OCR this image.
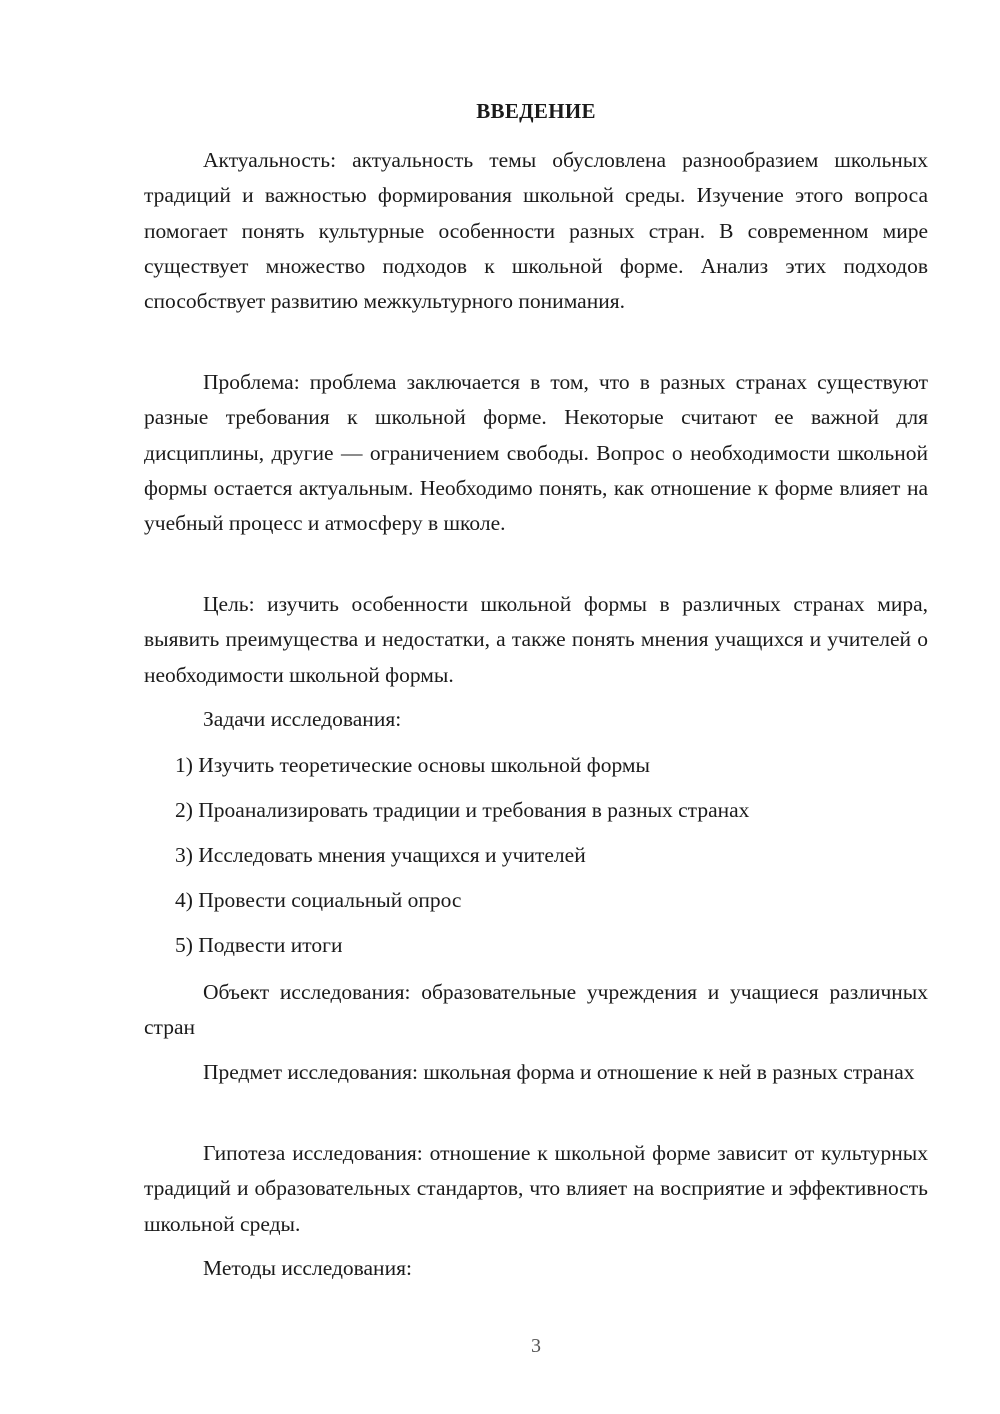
ВВЕДЕНИЕ

Актуальность: актуальность темы обусловлена разнообразием школьных традиций и важностью формирования школьной среды. Изучение этого вопроса помогает понять культурные особенности разных стран. В современном мире существует множество подходов к школьной форме. Анализ этих подходов способствует развитию межкультурного понимания.

Проблема: проблема заключается в том, что в разных странах существуют разные требования к школьной форме. Некоторые считают ее важной для дисциплины, другие — ограничением свободы. Вопрос о необходимости школьной формы остается актуальным. Необходимо понять, как отношение к форме влияет на учебный процесс и атмосферу в школе.

Цель: изучить особенности школьной формы в различных странах мира, выявить преимущества и недостатки, а также понять мнения учащихся и учителей о необходимости школьной формы.

Задачи исследования:

1) Изучить теоретические основы школьной формы

2) Проанализировать традиции и требования в разных странах

3) Исследовать мнения учащихся и учителей

4) Провести социальный опрос

5) Подвести итоги

Объект исследования: образовательные учреждения и учащиеся различных стран

Предмет исследования: школьная форма и отношение к ней в разных странах

Гипотеза исследования: отношение к школьной форме зависит от культурных традиций и образовательных стандартов, что влияет на восприятие и эффективность школьной среды.

Методы исследования:

3
